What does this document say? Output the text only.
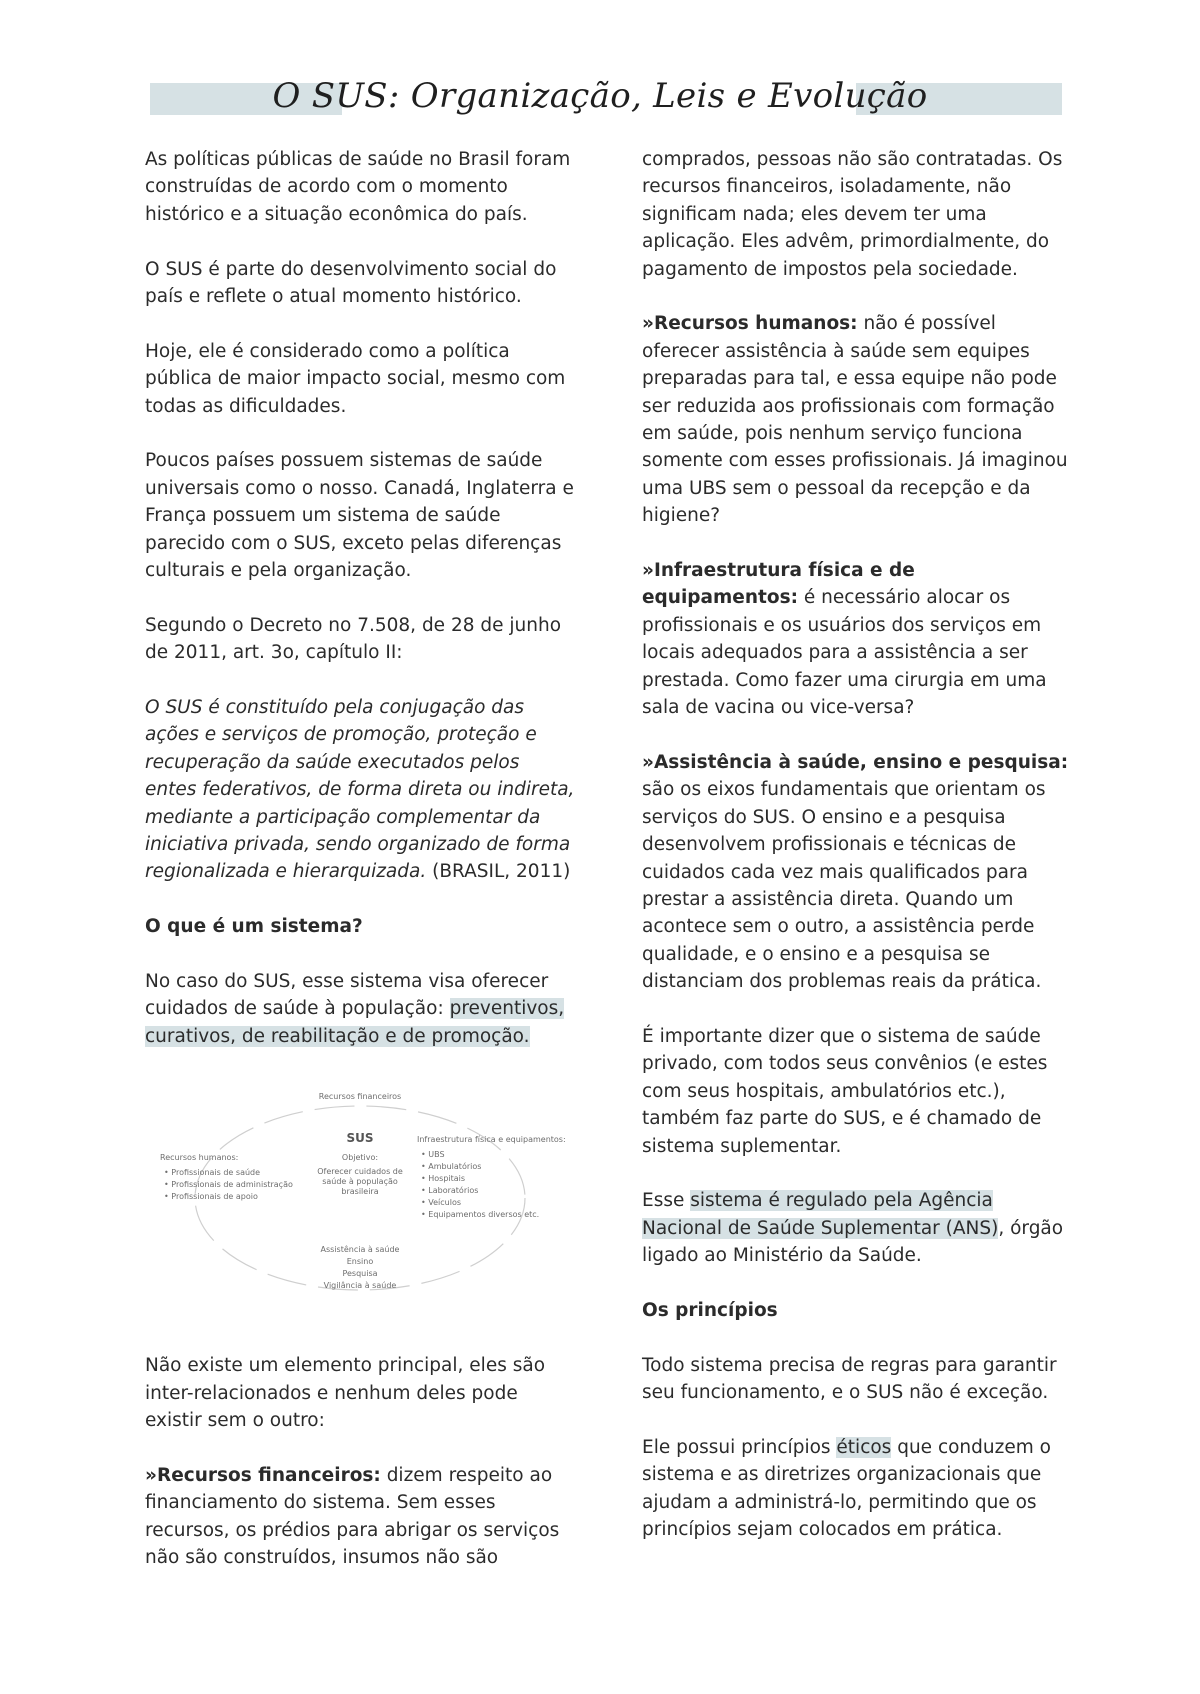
O SUS: Organização, Leis e Evolução

As políticas públicas de saúde no Brasil foram construídas de acordo com o momento histórico e a situação econômica do país.

O SUS é parte do desenvolvimento social do país e reflete o atual momento histórico.

Hoje, ele é considerado como a política pública de maior impacto social, mesmo com todas as dificuldades.

Poucos países possuem sistemas de saúde universais como o nosso. Canadá, Inglaterra e França possuem um sistema de saúde parecido com o SUS, exceto pelas diferenças culturais e pela organização.

Segundo o Decreto no 7.508, de 28 de junho de 2011, art. 3o, capítulo II:

O SUS é constituído pela conjugação das ações e serviços de promoção, proteção e recuperação da saúde executados pelos entes federativos, de forma direta ou indireta, mediante a participação complementar da iniciativa privada, sendo organizado de forma regionalizada e hierarquizada. (BRASIL, 2011)

O que é um sistema?

No caso do SUS, esse sistema visa oferecer cuidados de saúde à população: preventivos, curativos, de reabilitação e de promoção.

Recursos financeiros
SUS
Objetivo:
Oferecer cuidados de
saúde à população
brasileira
Recursos humanos:
• Profissionais de saúde
• Profissionais de administração
• Profissionais de apoio
Infraestrutura física e equipamentos:
• UBS
• Ambulatórios
• Hospitais
• Laboratórios
• Veículos
• Equipamentos diversos etc.
Assistência à saúde
Ensino
Pesquisa
Vigilância à saúde

Não existe um elemento principal, eles são inter-relacionados e nenhum deles pode existir sem o outro:

»Recursos financeiros: dizem respeito ao financiamento do sistema. Sem esses recursos, os prédios para abrigar os serviços não são construídos, insumos não são

comprados, pessoas não são contratadas. Os recursos financeiros, isoladamente, não significam nada; eles devem ter uma aplicação. Eles advêm, primordialmente, do pagamento de impostos pela sociedade.

»Recursos humanos: não é possível oferecer assistência à saúde sem equipes preparadas para tal, e essa equipe não pode ser reduzida aos profissionais com formação em saúde, pois nenhum serviço funciona somente com esses profissionais. Já imaginou uma UBS sem o pessoal da recepção e da higiene?

»Infraestrutura física e de equipamentos: é necessário alocar os profissionais e os usuários dos serviços em locais adequados para a assistência a ser prestada. Como fazer uma cirurgia em uma sala de vacina ou vice-versa?

»Assistência à saúde, ensino e pesquisa: são os eixos fundamentais que orientam os serviços do SUS. O ensino e a pesquisa desenvolvem profissionais e técnicas de cuidados cada vez mais qualificados para prestar a assistência direta. Quando um acontece sem o outro, a assistência perde qualidade, e o ensino e a pesquisa se distanciam dos problemas reais da prática.

É importante dizer que o sistema de saúde privado, com todos seus convênios (e estes com seus hospitais, ambulatórios etc.), também faz parte do SUS, e é chamado de sistema suplementar.

Esse sistema é regulado pela Agência Nacional de Saúde Suplementar (ANS), órgão ligado ao Ministério da Saúde.

Os princípios

Todo sistema precisa de regras para garantir seu funcionamento, e o SUS não é exceção.

Ele possui princípios éticos que conduzem o sistema e as diretrizes organizacionais que ajudam a administrá-lo, permitindo que os princípios sejam colocados em prática.
